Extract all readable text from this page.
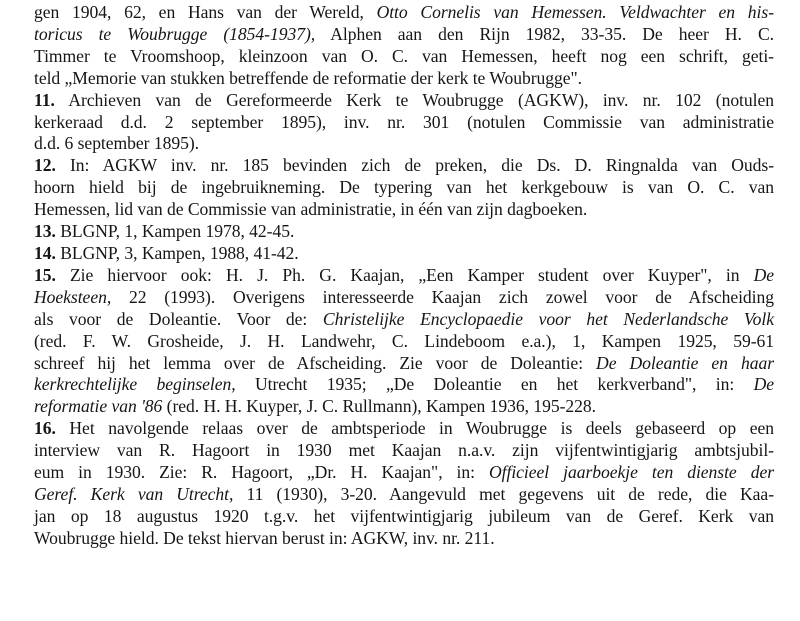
gen 1904, 62, en Hans van der Wereld, Otto Cornelis van Hemessen. Veldwachter en his-
toricus te Woubrugge (1854-1937), Alphen aan den Rijn 1982, 33-35. De heer H. C.
Timmer te Vroomshoop, kleinzoon van O. C. van Hemessen, heeft nog een schrift, geti-
teld „Memorie van stukken betreffende de reformatie der kerk te Woubrugge".
11. Archieven van de Gereformeerde Kerk te Woubrugge (AGKW), inv. nr. 102 (notulen
kerkeraad d.d. 2 september 1895), inv. nr. 301 (notulen Commissie van administratie
d.d. 6 september 1895).
12. In: AGKW inv. nr. 185 bevinden zich de preken, die Ds. D. Ringnalda van Ouds-
hoorn hield bij de ingebruikneming. De typering van het kerkgebouw is van O. C. van
Hemessen, lid van de Commissie van administratie, in één van zijn dagboeken.
13. BLGNP, 1, Kampen 1978, 42-45.
14. BLGNP, 3, Kampen, 1988, 41-42.
15. Zie hiervoor ook: H. J. Ph. G. Kaajan, „Een Kamper student over Kuyper", in De
Hoeksteen, 22 (1993). Overigens interesseerde Kaajan zich zowel voor de Afscheiding
als voor de Doleantie. Voor de: Christelijke Encyclopaedie voor het Nederlandsche Volk
(red. F. W. Grosheide, J. H. Landwehr, C. Lindeboom e.a.), 1, Kampen 1925, 59-61
schreef hij het lemma over de Afscheiding. Zie voor de Doleantie: De Doleantie en haar
kerkrechtelijke beginselen, Utrecht 1935; „De Doleantie en het kerkverband", in: De
reformatie van '86 (red. H. H. Kuyper, J. C. Rullmann), Kampen 1936, 195-228.
16. Het navolgende relaas over de ambtsperiode in Woubrugge is deels gebaseerd op een
interview van R. Hagoort in 1930 met Kaajan n.a.v. zijn vijfentwintigjarig ambtsjubil-
eum in 1930. Zie: R. Hagoort, „Dr. H. Kaajan", in: Officieel jaarboekje ten dienste der
Geref. Kerk van Utrecht, 11 (1930), 3-20. Aangevuld met gegevens uit de rede, die Kaa-
jan op 18 augustus 1920 t.g.v. het vijfentwintigjarig jubileum van de Geref. Kerk van
Woubrugge hield. De tekst hiervan berust in: AGKW, inv. nr. 211.
